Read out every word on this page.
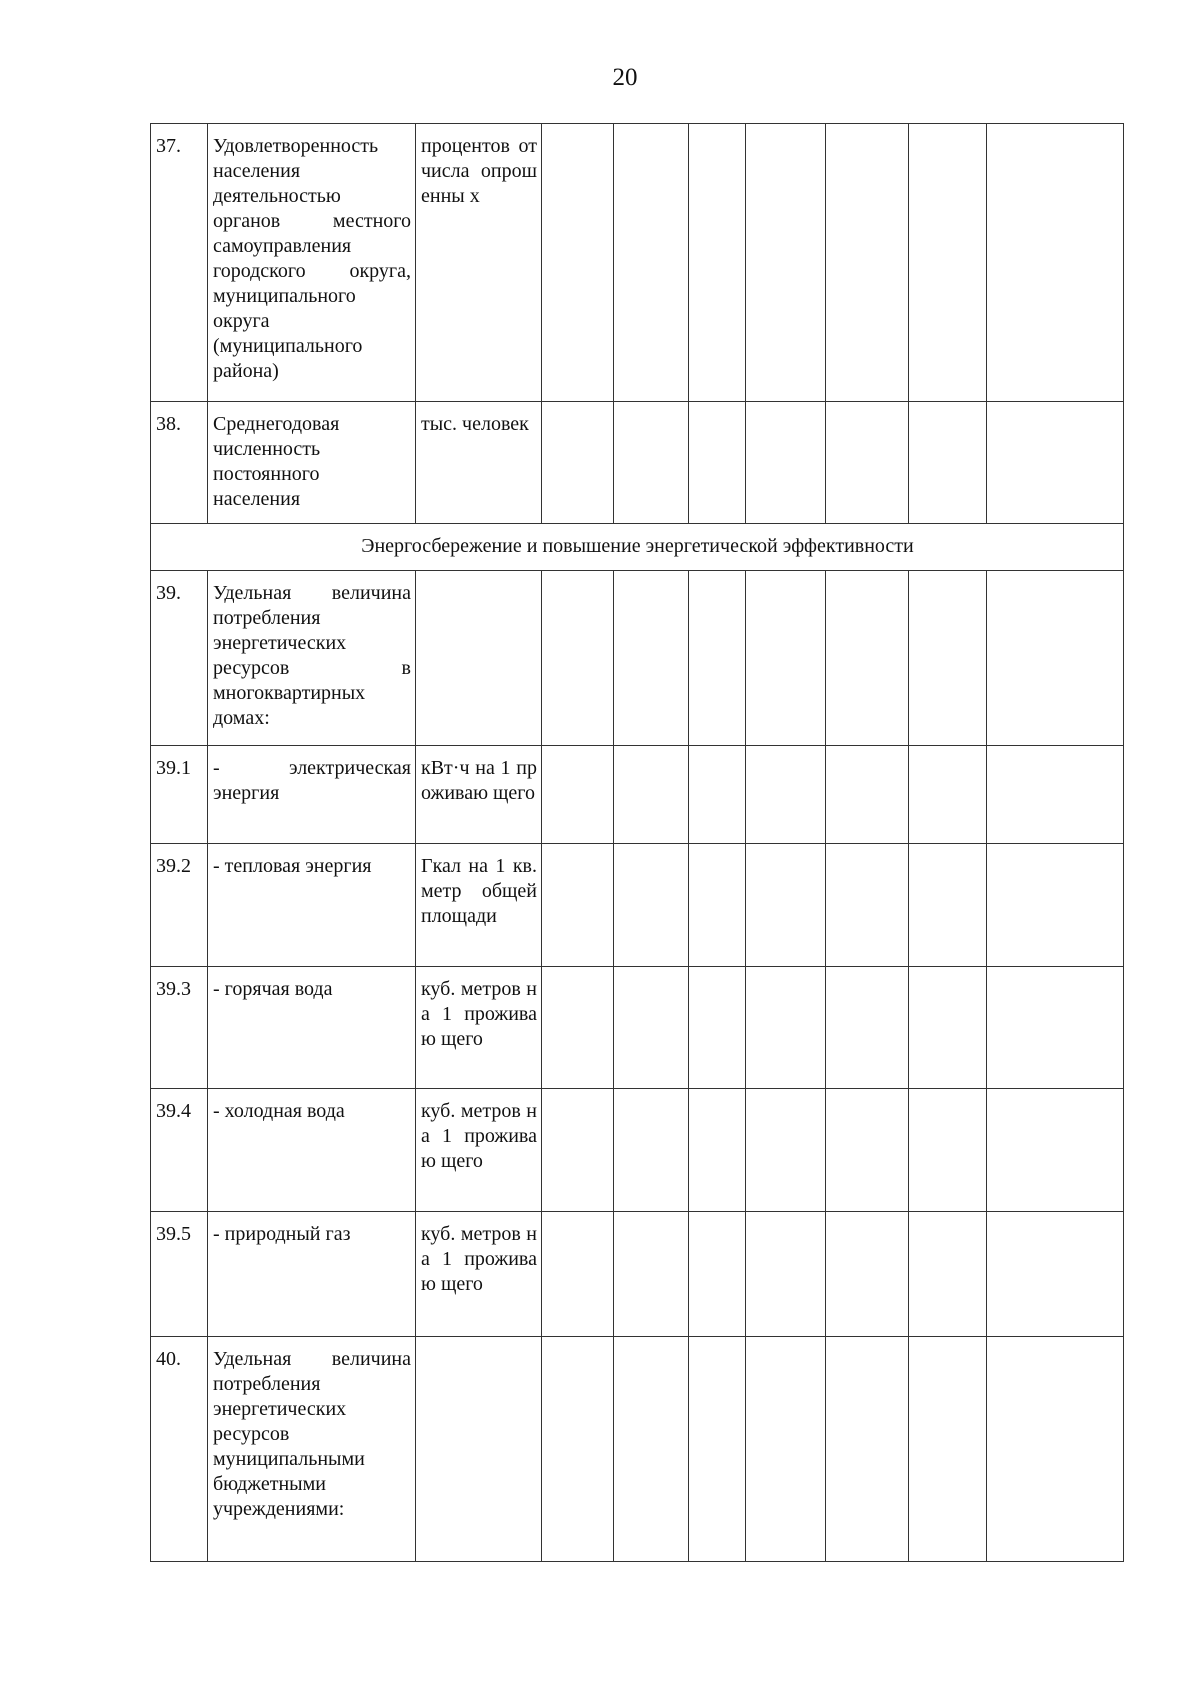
20
37.	Удовлетворенность населения деятельностью органов местного самоуправления городского округа, муниципального округа (муниципального района)	процентов от числа опрошенны х							
38.	Среднегодовая численность постоянного населения	тыс. человек							
Энергосбережение и повышение энергетической эффективности									
39.	Удельная величина потребления энергетических ресурсов в многоквартирных домах:								
39.1	- электрическая энергия	кВт·ч на 1 проживаю щего							
39.2	- тепловая энергия	Гкал на 1 кв. метр общей площади							
39.3	- горячая вода	куб. метров на 1 проживаю щего							
39.4	- холодная вода	куб. метров на 1 проживаю щего							
39.5	- природный газ	куб. метров на 1 проживаю щего							
40.	Удельная величина потребления энергетических ресурсов муниципальными бюджетными учреждениями:								
